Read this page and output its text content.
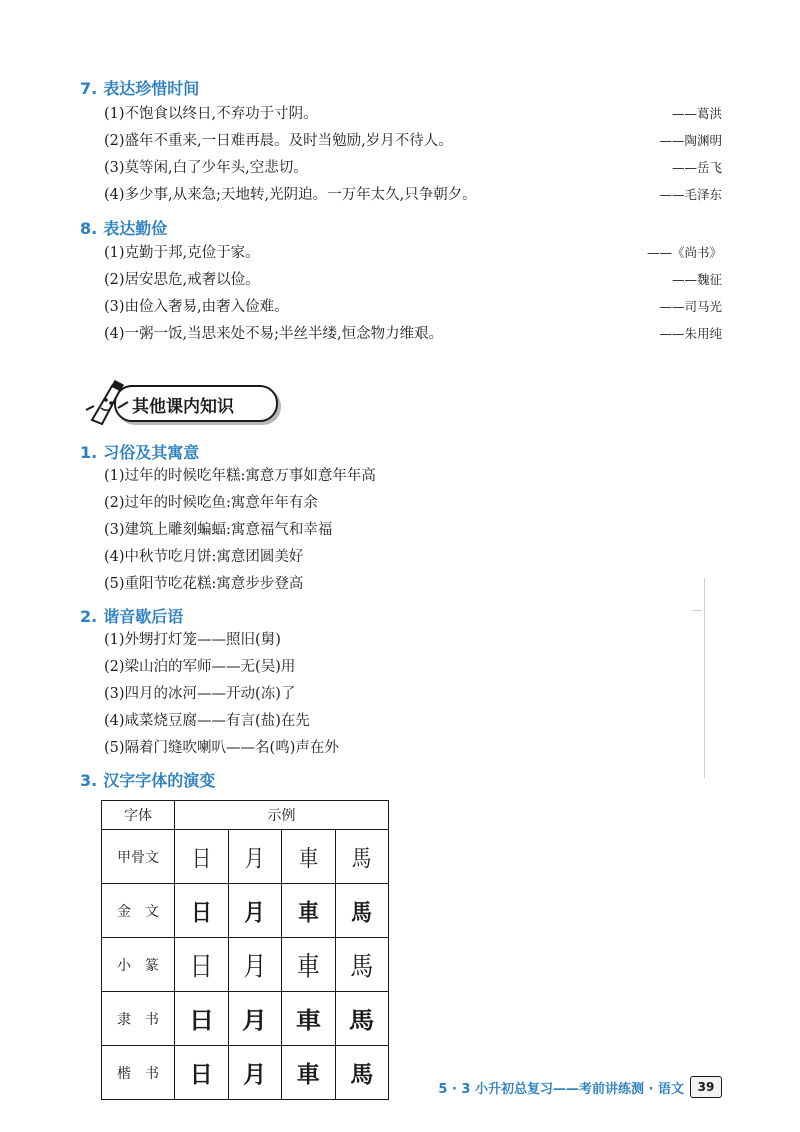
7. 表达珍惜时间
(1)不饱食以终日,不弃功于寸阴。	——葛洪
(2)盛年不重来,一日难再晨。及时当勉励,岁月不待人。	——陶渊明
(3)莫等闲,白了少年头,空悲切。	——岳飞
(4)多少事,从来急;天地转,光阴迫。一万年太久,只争朝夕。	——毛泽东
8. 表达勤俭
(1)克勤于邦,克俭于家。	——《尚书》
(2)居安思危,戒奢以俭。	——魏征
(3)由俭入奢易,由奢入俭难。	——司马光
(4)一粥一饭,当思来处不易;半丝半缕,恒念物力维艰。	——朱用纯
其他课内知识
1. 习俗及其寓意
(1)过年的时候吃年糕:寓意万事如意年年高
(2)过年的时候吃鱼:寓意年年有余
(3)建筑上雕刻蝙蝠:寓意福气和幸福
(4)中秋节吃月饼:寓意团圆美好
(5)重阳节吃花糕:寓意步步登高
2. 谐音歇后语
(1)外甥打灯笼——照旧(舅)
(2)梁山泊的军师——无(吴)用
(3)四月的冰河——开动(冻)了
(4)咸菜烧豆腐——有言(盐)在先
(5)隔着门缝吹喇叭——名(鸣)声在外
3. 汉字字体的演变
字体	示例			
甲骨文	日	月	車	馬
金　文	日	月	車	馬
小　篆	日	月	車	馬
隶　书	日	月	車	馬
楷　书	日	月	車	馬
5 · 3 小升初总复习——考前讲练测 · 语文	39
